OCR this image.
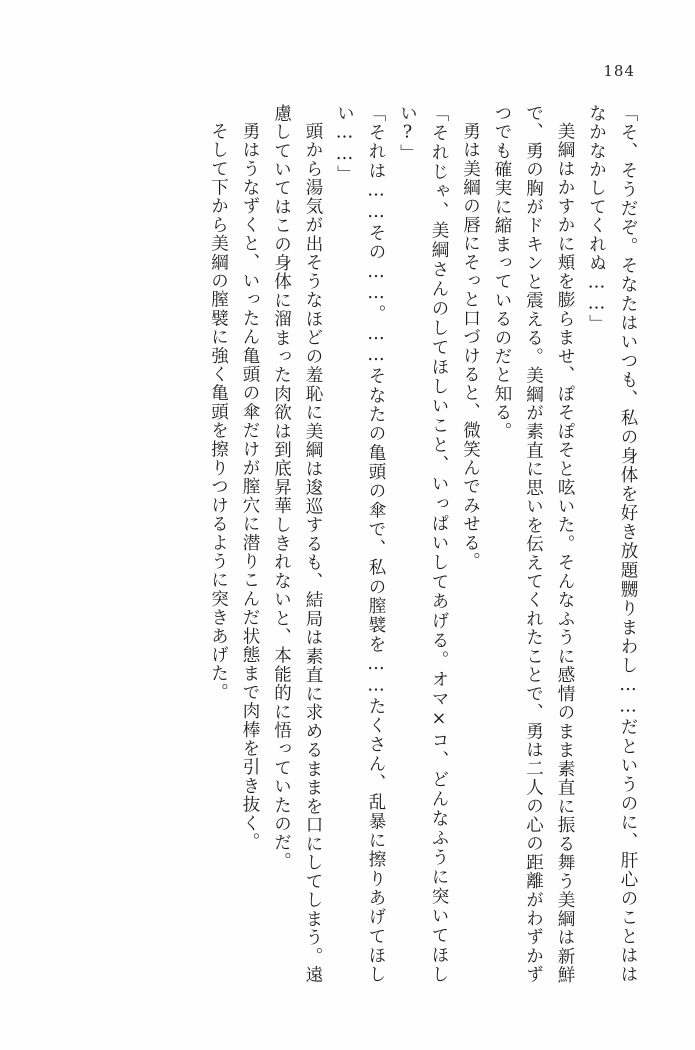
184

「そ、そうだぞ。そなたはいつも、私の身体を好き放題嬲りまわし……だというのに、肝心のことははなかなかしてくれぬ……」

美綱はかすかに頬を膨らませ、ぽそぽそと呟いた。そんなふうに感情のまま素直に振る舞う美綱は新鮮で、勇の胸がドキンと震える。美綱が素直に思いを伝えてくれたことで、勇は二人の心の距離がわずかずつでも確実に縮まっているのだと知る。

勇は美綱の唇にそっと口づけると、微笑んでみせる。

「それじゃ、美綱さんのしてほしいこと、いっぱいしてあげる。オマ×コ、どんなふうに突いてほしい?」

「それは……その……。……そなたの亀頭の傘で、私の膣襞を……たくさん、乱暴に擦りあげてほしい……」

頭から湯気が出そうなほどの羞恥に美綱は逡巡するも、結局は素直に求めるままを口にしてしまう。遠慮していてはこの身体に溜まった肉欲は到底昇華しきれないと、本能的に悟っていたのだ。

勇はうなずくと、いったん亀頭の傘だけが膣穴に潜りこんだ状態まで肉棒を引き抜く。

そして下から美綱の膣襞に強く亀頭を擦りつけるように突きあげた。
